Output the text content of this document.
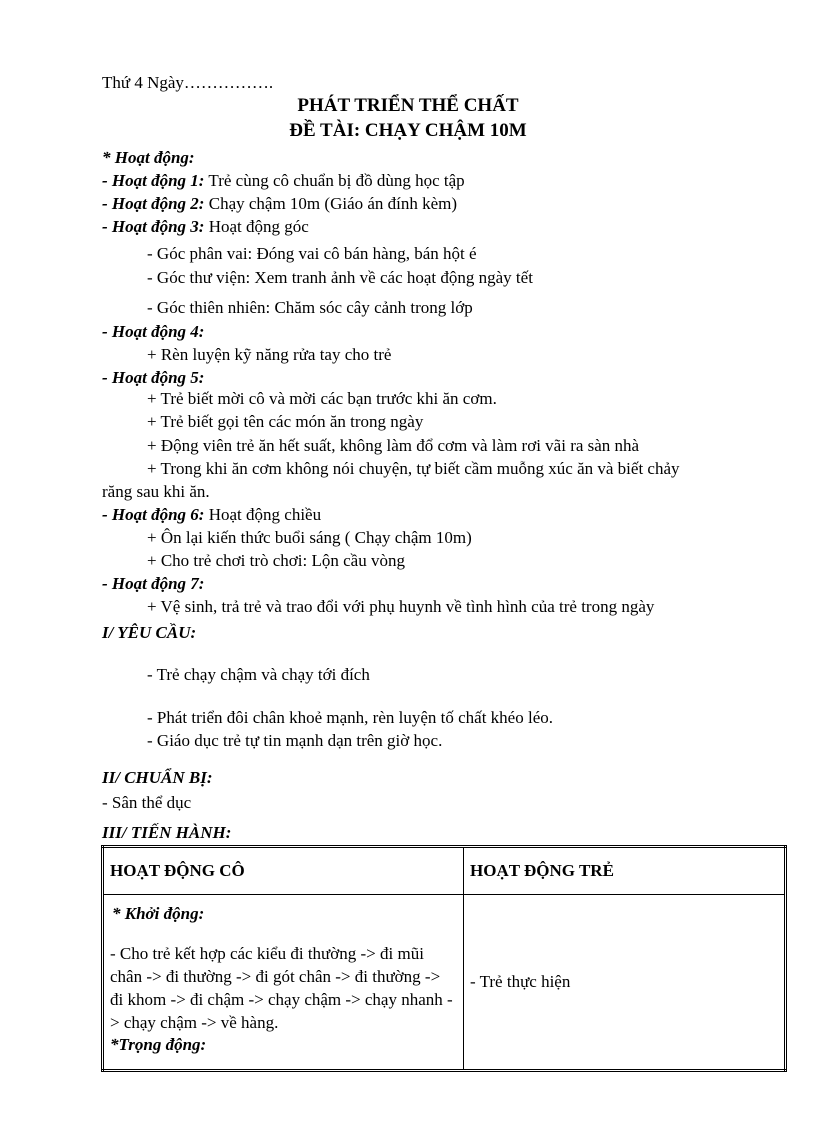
Thứ 4 Ngày…………….
PHÁT TRIỂN THỂ CHẤT
ĐỀ TÀI: CHẠY CHẬM 10M
* Hoạt động:
- Hoạt động 1: Trẻ cùng cô chuẩn bị đồ dùng học tập
- Hoạt động 2: Chạy chậm 10m (Giáo án đính kèm)
- Hoạt động 3: Hoạt động góc
- Góc phân vai: Đóng vai cô bán hàng, bán hột é
- Góc thư viện: Xem tranh ảnh về các hoạt động ngày tết
- Góc thiên nhiên: Chăm sóc cây cảnh trong lớp
- Hoạt động 4:
+ Rèn luyện kỹ năng rửa tay cho trẻ
- Hoạt động 5:
+ Trẻ biết mời cô và mời các bạn trước khi ăn cơm.
+ Trẻ biết gọi tên các món ăn trong ngày
+ Động viên trẻ ăn hết suất, không làm đổ cơm và làm rơi vãi ra sàn nhà
+ Trong khi ăn cơm không nói chuyện, tự biết cầm muỗng xúc ăn và biết chảy
răng sau khi ăn.
- Hoạt động 6: Hoạt động chiều
+ Ôn lại kiến thức buổi sáng ( Chạy chậm 10m)
+ Cho trẻ chơi trò chơi: Lộn cầu vòng
- Hoạt động 7:
+ Vệ sinh, trả trẻ và trao đổi với phụ huynh về tình hình của trẻ trong ngày
I/ YÊU CẦU:
- Trẻ chạy chậm và chạy tới đích
- Phát triển đôi chân khoẻ mạnh, rèn luyện tố chất khéo léo.
- Giáo dục trẻ tự tin mạnh dạn trên giờ học.
II/ CHUẨN BỊ:
- Sân thể dục
III/ TIẾN HÀNH:
HOẠT ĐỘNG CÔ	HOẠT ĐỘNG TRẺ

* Khởi động:
- Cho trẻ kết hợp các kiểu đi thường -> đi mũi chân -> đi thường -> đi gót chân -> đi thường -> đi khom -> đi chậm -> chạy chậm -> chạy nhanh -> chạy chậm -> về hàng.
*Trọng động:	- Trẻ thực hiện
